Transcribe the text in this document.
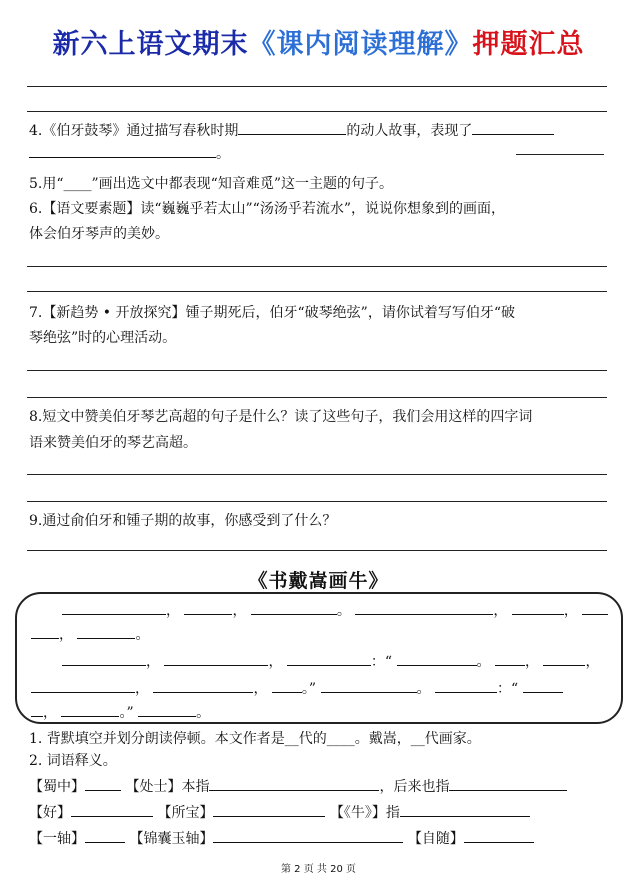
新六上语文期末《课内阅读理解》押题汇总
4.《伯牙鼓琴》通过描写春秋时期	的动人故事，表现了
。
5.用“____”画出选文中都表现“知音难觅”这一主题的句子。
6.【语文要素题】读“巍巍乎若太山”“汤汤乎若流水”，说说你想象到的画面，
体会伯牙琴声的美妙。
7.【新趋势 • 开放探究】锺子期死后，伯牙“破琴绝弦”，请你试着写写伯牙“破
琴绝弦”时的心理活动。
8.短文中赞美伯牙琴艺高超的句子是什么？读了这些句子，我们会用这样的四字词
语来赞美伯牙的琴艺高超。
9.通过俞伯牙和锺子期的故事，你感受到了什么？
《书戴嵩画牛》
，	，	。	，	，
，	。
，	，	：“	。 ，	，
，	， 。”	。	：“
，	。”	。
1. 背默填空并划分朗读停顿。本文作者是__代的____。戴嵩，__代画家。
2. 词语释义。
【蜀中】	【处士】本指	，后来也指
【好】	【所宝】	【《牛》】指
【一轴】	【锦囊玉轴】	【自随】
第 2 页 共 20 页
